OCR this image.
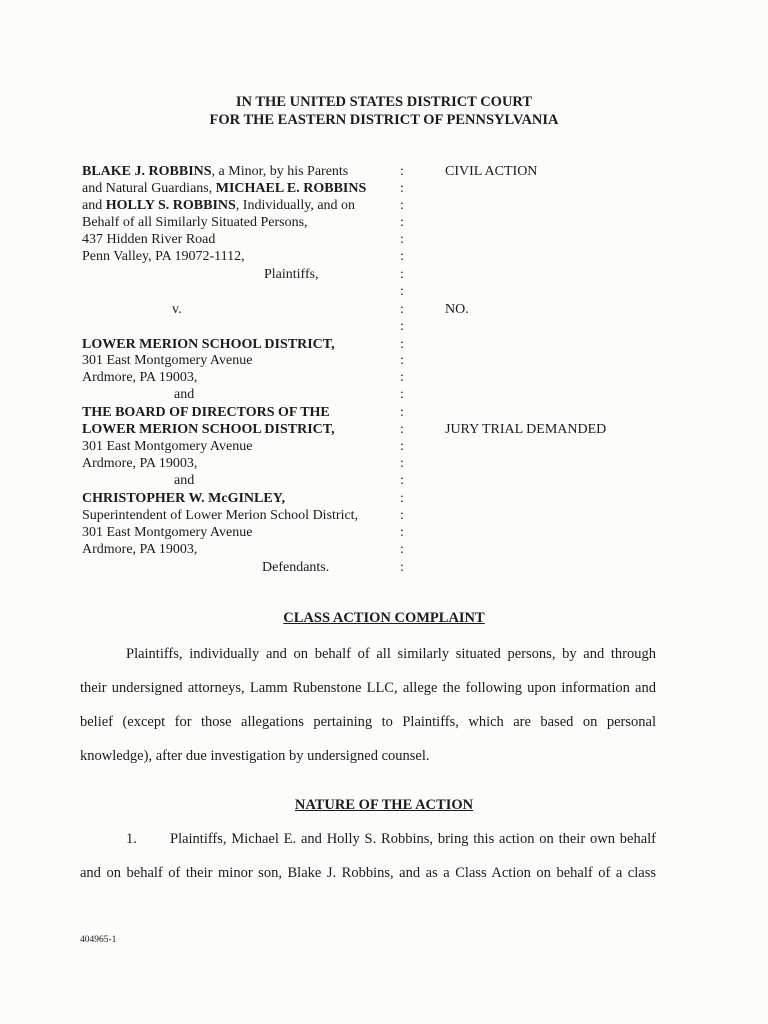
IN THE UNITED STATES DISTRICT COURT
FOR THE EASTERN DISTRICT OF PENNSYLVANIA
BLAKE J. ROBBINS, a Minor, by his Parents
and Natural Guardians, MICHAEL E. ROBBINS
and HOLLY S. ROBBINS, Individually, and on
Behalf of all Similarly Situated Persons,
437 Hidden River Road
Penn Valley, PA 19072-1112,
Plaintiffs,
v.
LOWER MERION SCHOOL DISTRICT,
301 East Montgomery Avenue
Ardmore, PA 19003,
and
THE BOARD OF DIRECTORS OF THE
LOWER MERION SCHOOL DISTRICT,
301 East Montgomery Avenue
Ardmore, PA 19003,
and
CHRISTOPHER W. McGINLEY,
Superintendent of Lower Merion School District,
301 East Montgomery Avenue
Ardmore, PA 19003,
Defendants.
:
:
:
:
:
:
:
:
:
:
:
:
:
:
:
:
:
:
:
:
:
:
:
:
CIVIL ACTION
NO.
JURY TRIAL DEMANDED
CLASS ACTION COMPLAINT
Plaintiffs, individually and on behalf of all similarly situated persons, by and through
their undersigned attorneys, Lamm Rubenstone LLC, allege the following upon information and
belief (except for those allegations pertaining to Plaintiffs, which are based on personal
knowledge), after due investigation by undersigned counsel.
NATURE OF THE ACTION
1.	Plaintiffs, Michael E. and Holly S. Robbins, bring this action on their own behalf
and on behalf of their minor son, Blake J. Robbins, and as a Class Action on behalf of a class
404965-1
